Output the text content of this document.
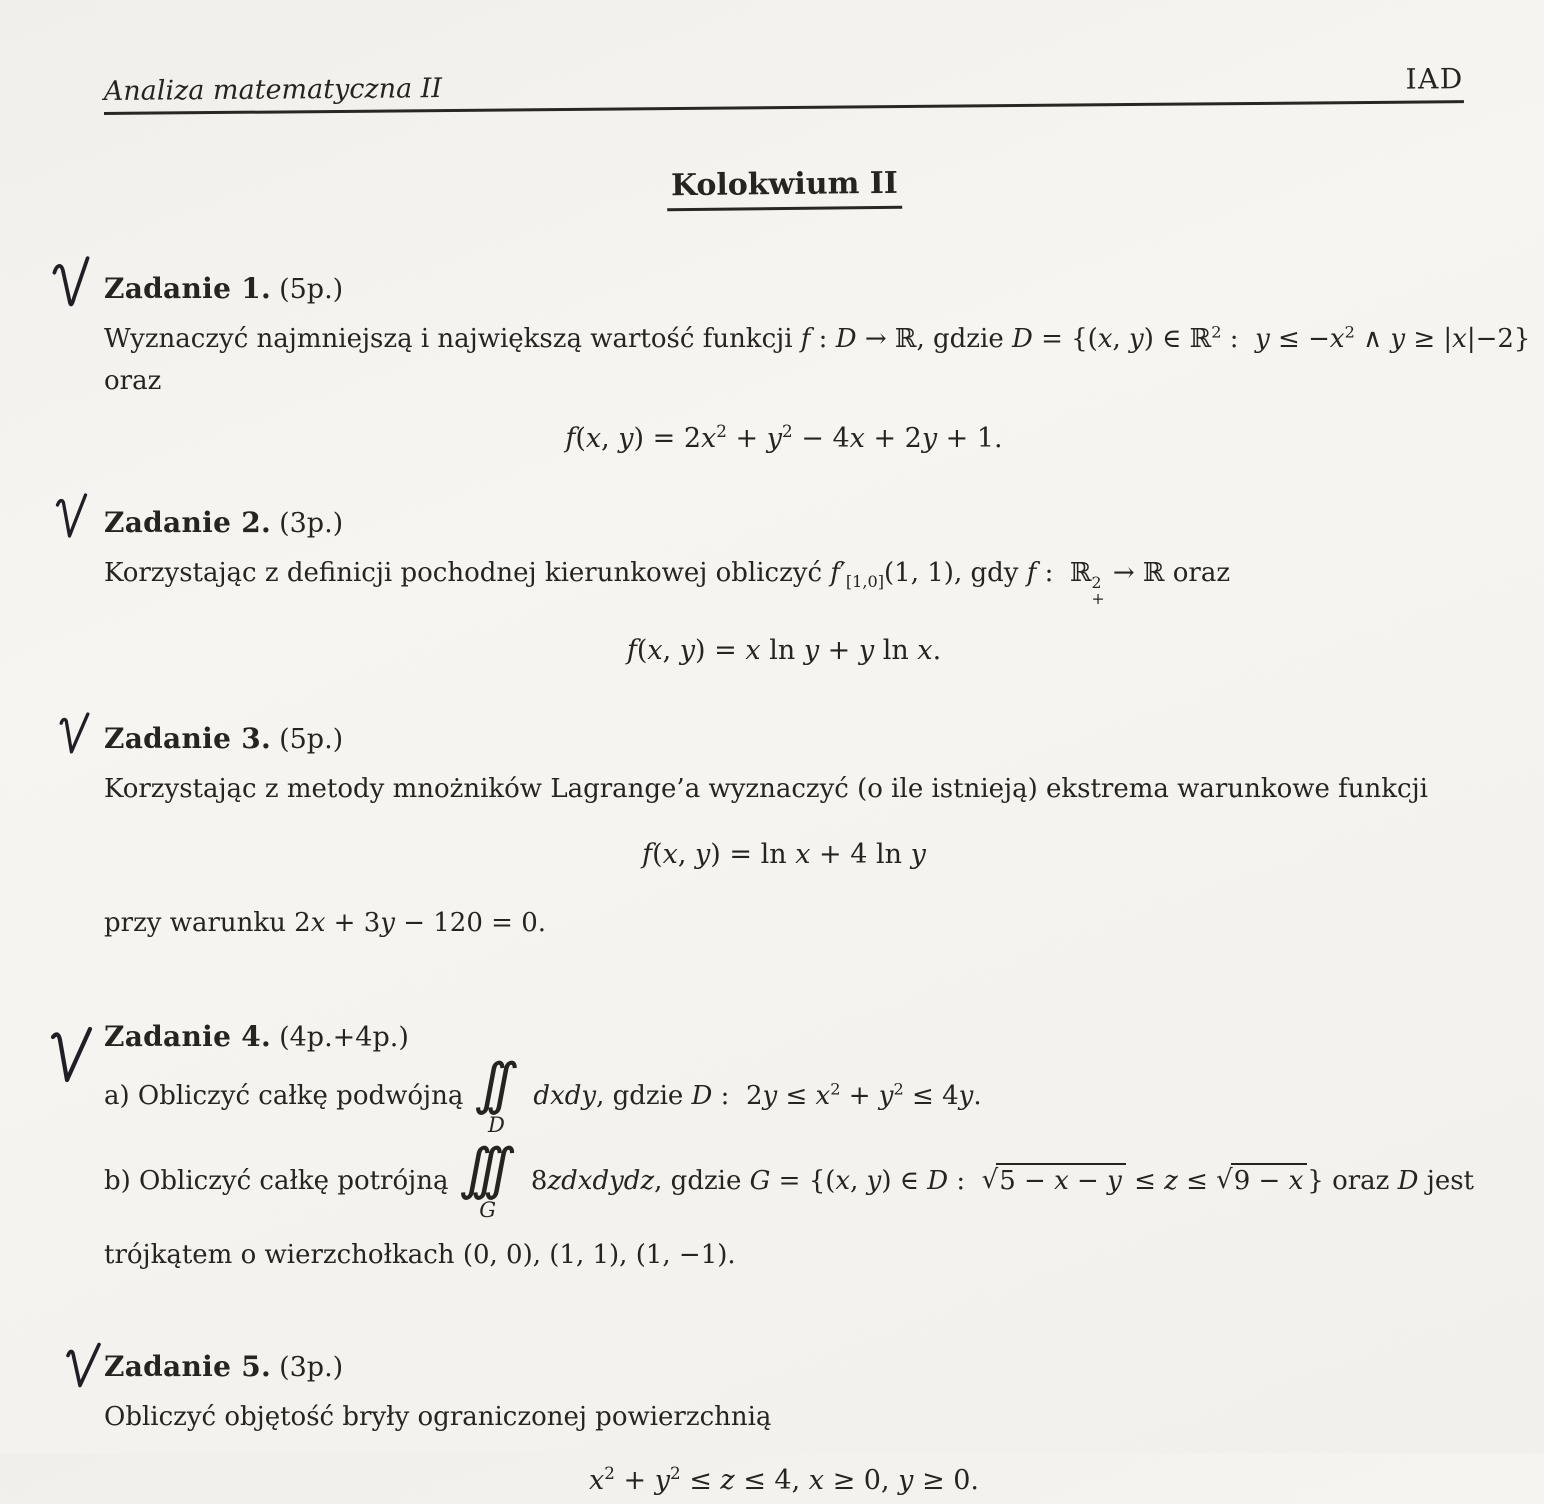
Analiza matematyczna II	IAD
Kolokwium II
Zadanie 1. (5p.)
Wyznaczyć najmniejszą i największą wartość funkcji f : D → ℝ, gdzie D = {(x, y) ∈ ℝ$^2$ :  $y \le -x^2$ ∧ y ≥ |x|−2}
oraz
f(x, $y) = 2x^2 + y^2 - 4x + 2y + 1$.
Zadanie 2. (3p.)
Korzystając z definicji pochodnej kierunkowej obliczyć $f'_{[1,0]}(1$, 1), gdy f :  ℝ 2
+
→ ℝ oraz
f(x, y) = x ln y + y ln x.
Zadanie 3. (5p.)
Korzystając z metody mnożników Lagrange’a wyznaczyć (o ile istnieją) ekstrema warunkowe funkcji
f(x, y) = ln x + 4 ln y
przy warunku 2x + 3y − 120 = 0.
Zadanie 4. (4p.+4p.)
a) Obliczyć całkę podwójną ∫∫
D
dxdy , gdzie D :  $2y \le x^2 + y^2 \le 4y$.
b) Obliczyć całkę potrójną ∫∫∫
G
8zdxdydz , gdzie G = {(x, y) ∈ D :  √5 − x − y ≤ z ≤ √9 − x } oraz D jest
trójkątem o wierzchołkach (0, 0), (1, 1), (1, −1).
Zadanie 5. (3p.)
Obliczyć objętość bryły ograniczonej powierzchnią
$x^2 + y^2 \le z \le 4$, x ≥ 0, y ≥ 0.
